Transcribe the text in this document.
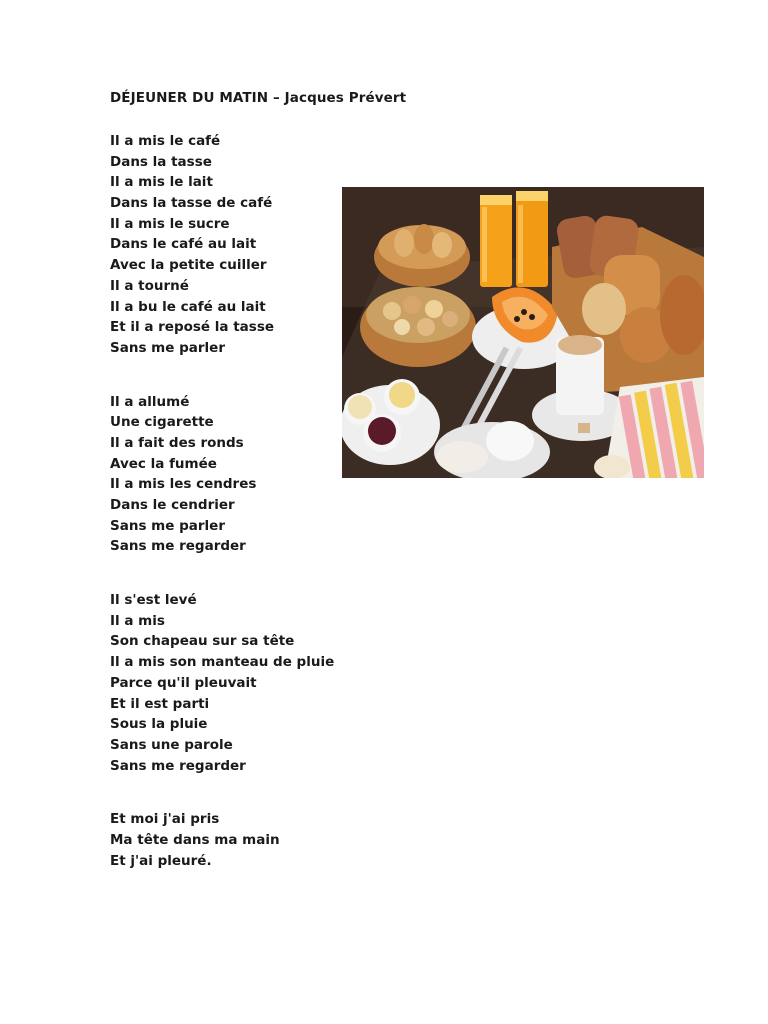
DÉJEUNER DU MATIN – Jacques Prévert
Il a mis le café
Dans la tasse
Il a mis le lait
Dans la tasse de café
Il a mis le sucre
Dans le café au lait
Avec la petite cuiller
Il a tourné
Il a bu le café au lait
Et il a reposé la tasse
Sans me parler
Il a allumé
Une cigarette
Il a fait des ronds
Avec la fumée
Il a mis les cendres
Dans le cendrier
Sans me parler
Sans me regarder
Il s'est levé
Il a mis
Son chapeau sur sa tête
Il a mis son manteau de pluie
Parce qu'il pleuvait
Et il est parti
Sous la pluie
Sans une parole
Sans me regarder
Et moi j'ai pris
Ma tête dans ma main
Et j'ai pleuré.
